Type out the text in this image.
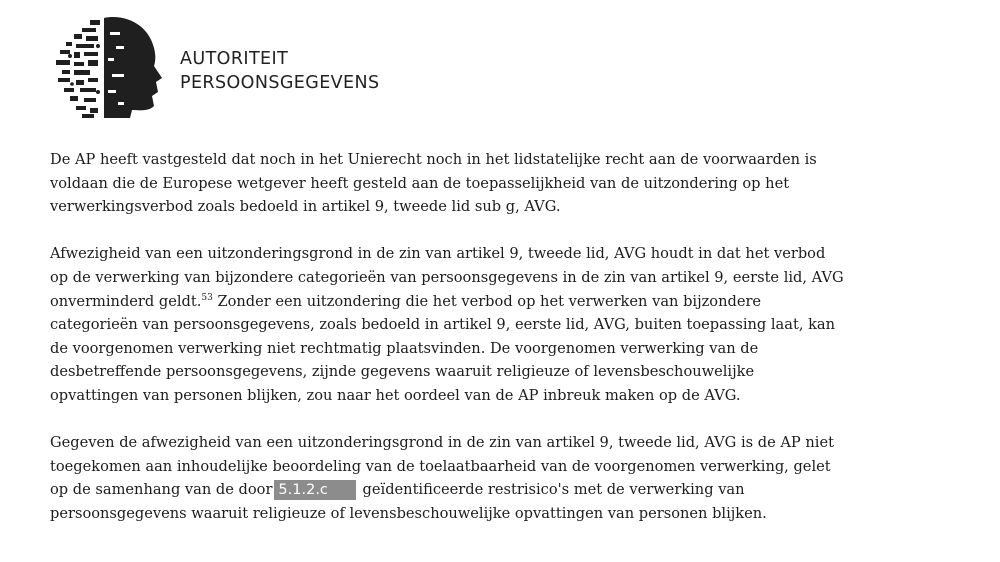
AUTORITEIT
PERSOONSGEGEVENS
De AP heeft vastgesteld dat noch in het Unierecht noch in het lidstatelijke recht aan de voorwaarden is
voldaan die de Europese wetgever heeft gesteld aan de toepasselijkheid van de uitzondering op het
verwerkingsverbod zoals bedoeld in artikel 9, tweede lid sub g, AVG.
Afwezigheid van een uitzonderingsgrond in de zin van artikel 9, tweede lid, AVG houdt in dat het verbod
op de verwerking van bijzondere categorieën van persoonsgegevens in de zin van artikel 9, eerste lid, AVG
onverminderd geldt.$^{53}$ Zonder een uitzondering die het verbod op het verwerken van bijzondere
categorieën van persoonsgegevens, zoals bedoeld in artikel 9, eerste lid, AVG, buiten toepassing laat, kan
de voorgenomen verwerking niet rechtmatig plaatsvinden. De voorgenomen verwerking van de
desbetreffende persoonsgegevens, zijnde gegevens waaruit religieuze of levensbeschouwelijke
opvattingen van personen blijken, zou naar het oordeel van de AP inbreuk maken op de AVG.
Gegeven de afwezigheid van een uitzonderingsgrond in de zin van artikel 9, tweede lid, AVG is de AP niet
toegekomen aan inhoudelijke beoordeling van de toelaatbaarheid van de voorgenomen verwerking, gelet
op de samenhang van de door 5.1.2.c geïdentificeerde restrisico's met de verwerking van
persoonsgegevens waaruit religieuze of levensbeschouwelijke opvattingen van personen blijken.
